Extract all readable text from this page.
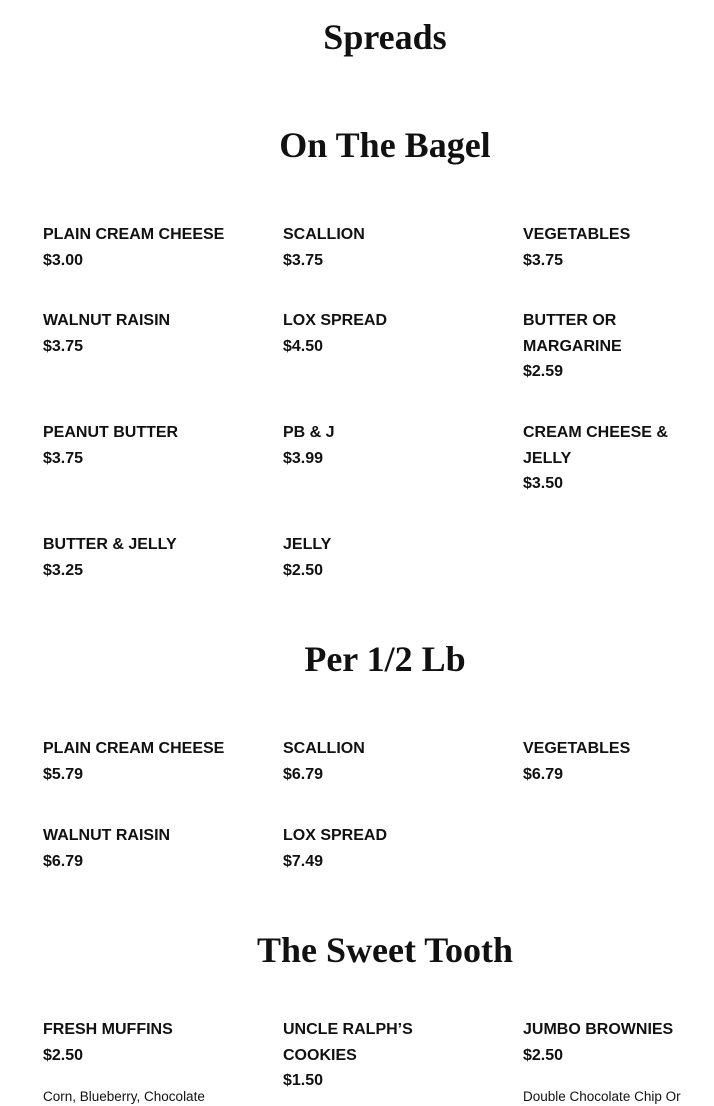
Spreads
On The Bagel
PLAIN CREAM CHEESE
$3.00
SCALLION
$3.75
VEGETABLES
$3.75
WALNUT RAISIN
$3.75
LOX SPREAD
$4.50
BUTTER OR MARGARINE
$2.59
PEANUT BUTTER
$3.75
PB & J
$3.99
CREAM CHEESE & JELLY
$3.50
BUTTER & JELLY
$3.25
JELLY
$2.50
Per 1/2 Lb
PLAIN CREAM CHEESE
$5.79
SCALLION
$6.79
VEGETABLES
$6.79
WALNUT RAISIN
$6.79
LOX SPREAD
$7.49
The Sweet Tooth
FRESH MUFFINS
$2.50
Corn, Blueberry, Chocolate
UNCLE RALPH’S COOKIES
$1.50
JUMBO BROWNIES
$2.50
Double Chocolate Chip Or
